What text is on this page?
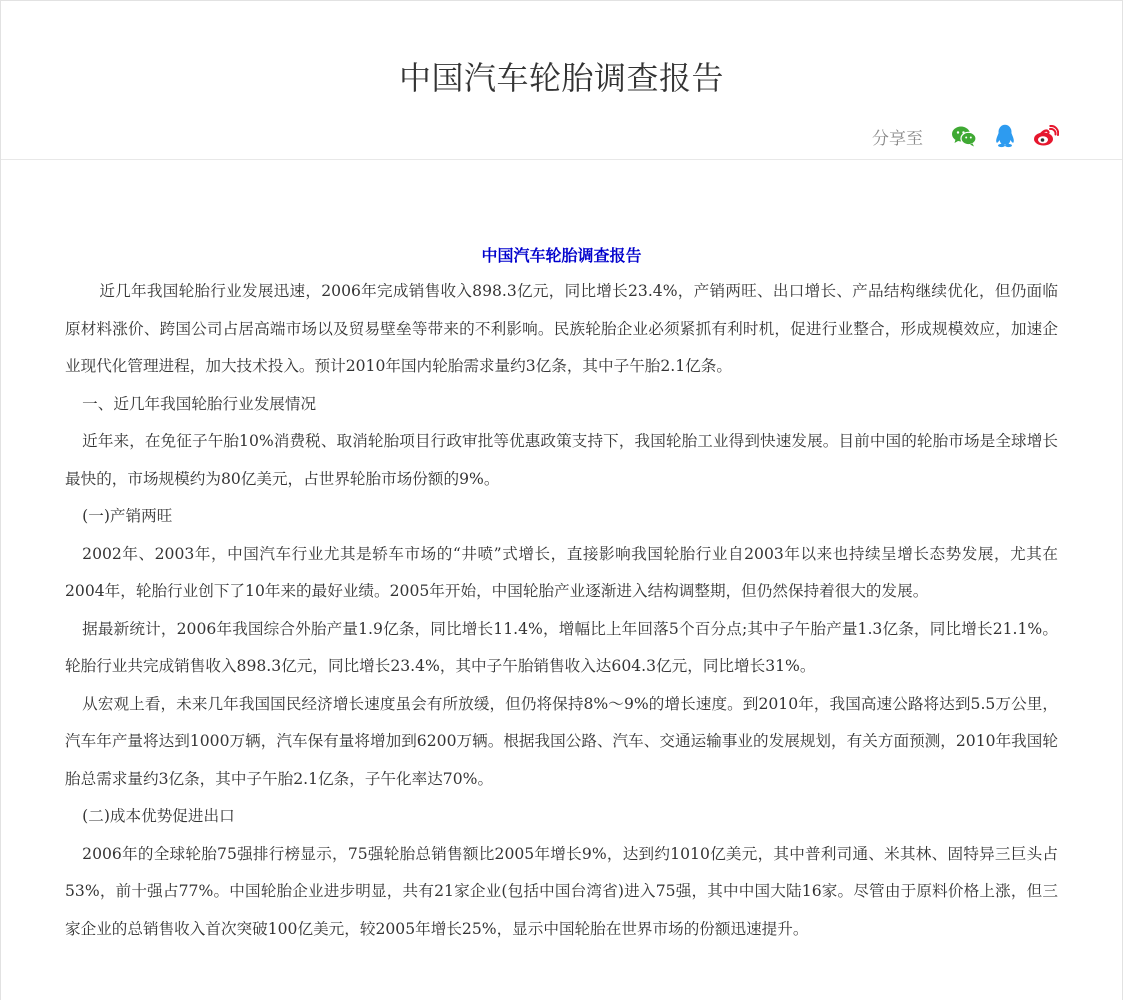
中国汽车轮胎调查报告
分享至
中国汽车轮胎调查报告

近几年我国轮胎行业发展迅速，2006年完成销售收入898.3亿元，同比增长23.4%，产销两旺、出口增长、产品结构继续优化，但仍面临原材料涨价、跨国公司占居高端市场以及贸易壁垒等带来的不利影响。民族轮胎企业必须紧抓有利时机，促进行业整合，形成规模效应，加速企业现代化管理进程，加大技术投入。预计2010年国内轮胎需求量约3亿条，其中子午胎2.1亿条。

一、近几年我国轮胎行业发展情况

近年来，在免征子午胎10%消费税、取消轮胎项目行政审批等优惠政策支持下，我国轮胎工业得到快速发展。目前中国的轮胎市场是全球增长最快的，市场规模约为80亿美元，占世界轮胎市场份额的9%。

(一)产销两旺

2002年、2003年，中国汽车行业尤其是轿车市场的“井喷”式增长，直接影响我国轮胎行业自2003年以来也持续呈增长态势发展，尤其在2004年，轮胎行业创下了10年来的最好业绩。2005年开始，中国轮胎产业逐渐进入结构调整期，但仍然保持着很大的发展。

据最新统计，2006年我国综合外胎产量1.9亿条，同比增长11.4%，增幅比上年回落5个百分点;其中子午胎产量1.3亿条，同比增长21.1%。轮胎行业共完成销售收入898.3亿元，同比增长23.4%，其中子午胎销售收入达604.3亿元，同比增长31%。

从宏观上看，未来几年我国国民经济增长速度虽会有所放缓，但仍将保持8%～9%的增长速度。到2010年，我国高速公路将达到5.5万公里，汽车年产量将达到1000万辆，汽车保有量将增加到6200万辆。根据我国公路、汽车、交通运输事业的发展规划，有关方面预测，2010年我国轮胎总需求量约3亿条，其中子午胎2.1亿条，子午化率达70%。

(二)成本优势促进出口

2006年的全球轮胎75强排行榜显示，75强轮胎总销售额比2005年增长9%，达到约1010亿美元，其中普利司通、米其林、固特异三巨头占53%，前十强占77%。中国轮胎企业进步明显，共有21家企业(包括中国台湾省)进入75强，其中中国大陆16家。尽管由于原料价格上涨，但三家企业的总销售收入首次突破100亿美元，较2005年增长25%，显示中国轮胎在世界市场的份额迅速提升。
